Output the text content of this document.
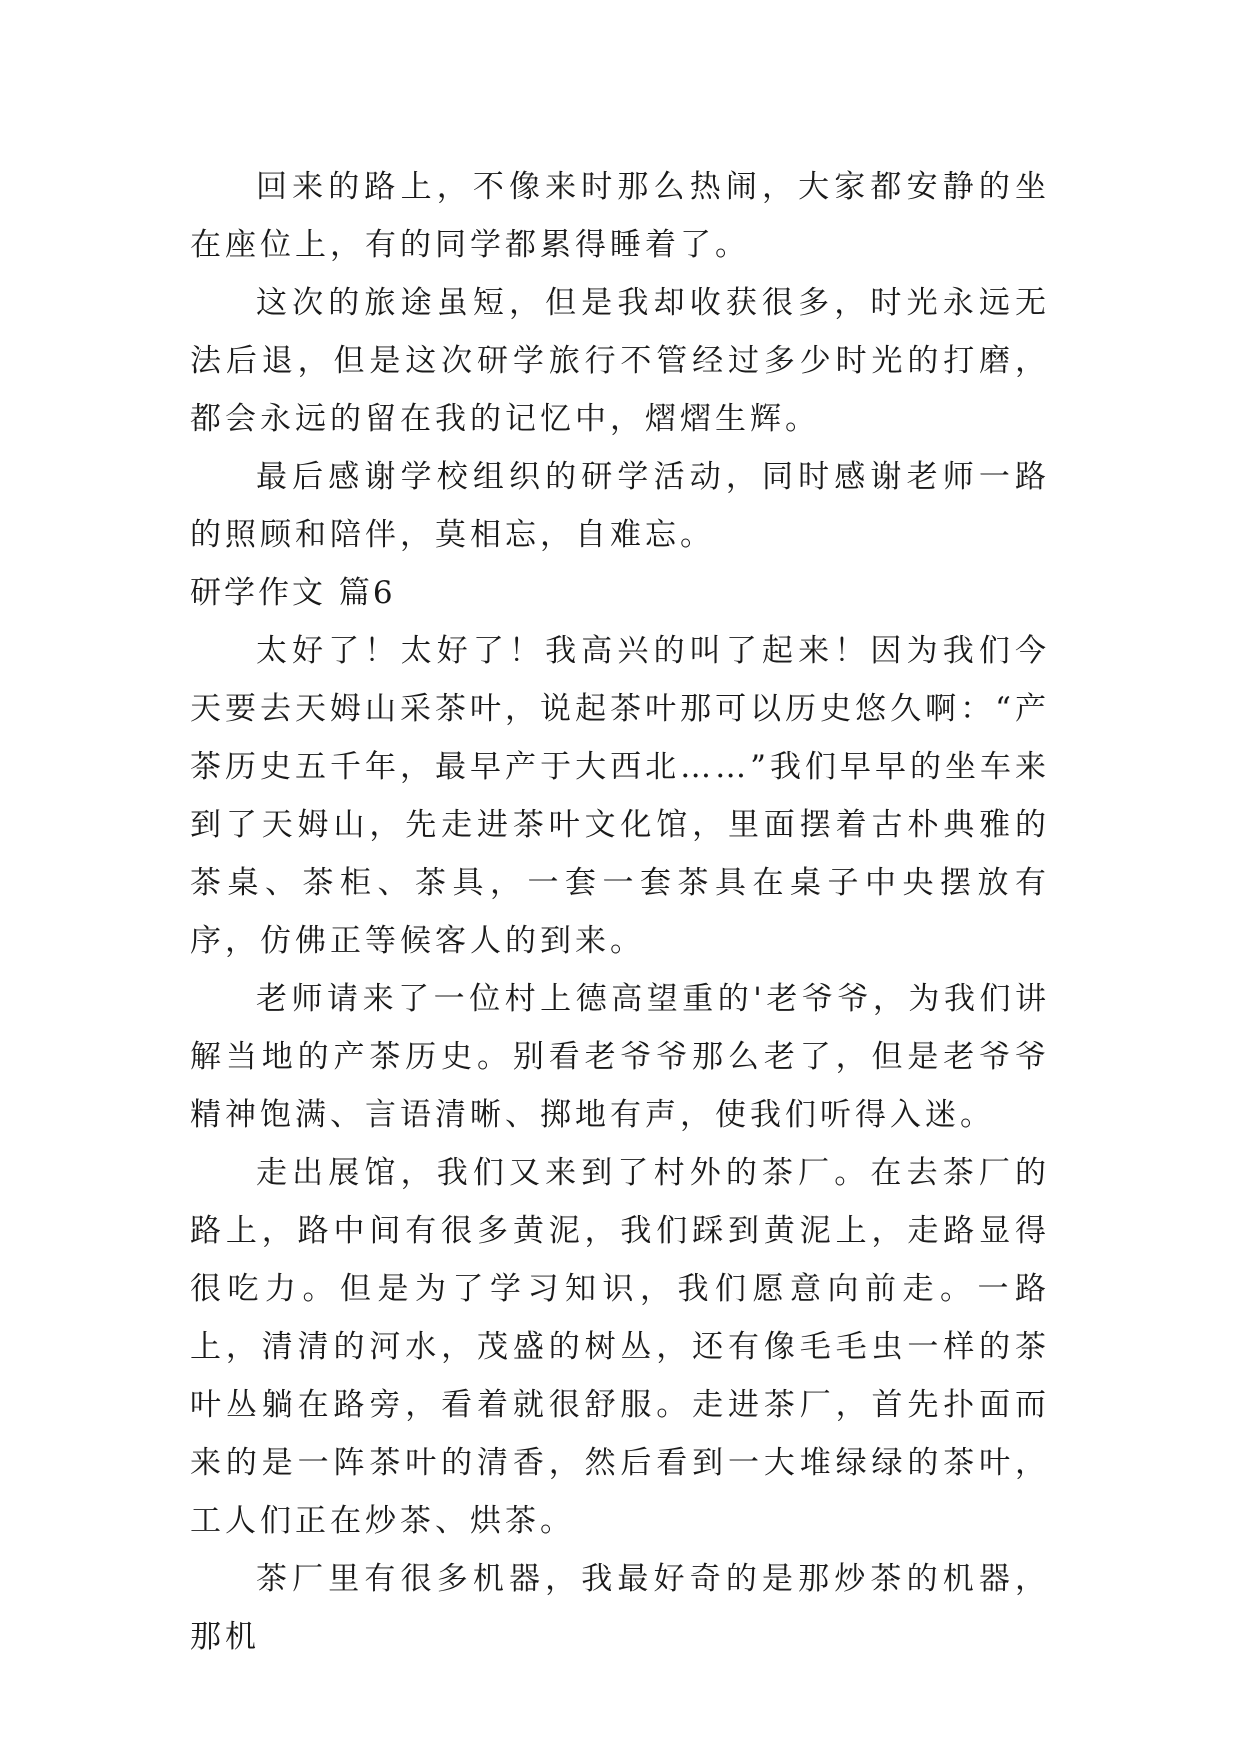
回来的路上，不像来时那么热闹，大家都安静的坐在座位上，有的同学都累得睡着了。

这次的旅途虽短，但是我却收获很多，时光永远无法后退，但是这次研学旅行不管经过多少时光的打磨，都会永远的留在我的记忆中，熠熠生辉。

最后感谢学校组织的研学活动，同时感谢老师一路的照顾和陪伴，莫相忘，自难忘。

研学作文 篇6

太好了！太好了！我高兴的叫了起来！因为我们今天要去天姆山采茶叶，说起茶叶那可以历史悠久啊：“产茶历史五千年，最早产于大西北……”我们早早的坐车来到了天姆山，先走进茶叶文化馆，里面摆着古朴典雅的茶桌、茶柜、茶具，一套一套茶具在桌子中央摆放有序，仿佛正等候客人的到来。

老师请来了一位村上德高望重的'老爷爷，为我们讲解当地的产茶历史。别看老爷爷那么老了，但是老爷爷精神饱满、言语清晰、掷地有声，使我们听得入迷。

走出展馆，我们又来到了村外的茶厂。在去茶厂的路上，路中间有很多黄泥，我们踩到黄泥上，走路显得很吃力。但是为了学习知识，我们愿意向前走。一路上，清清的河水，茂盛的树丛，还有像毛毛虫一样的茶叶丛躺在路旁，看着就很舒服。走进茶厂，首先扑面而来的是一阵茶叶的清香，然后看到一大堆绿绿的茶叶，工人们正在炒茶、烘茶。

茶厂里有很多机器，我最好奇的是那炒茶的机器，那机
